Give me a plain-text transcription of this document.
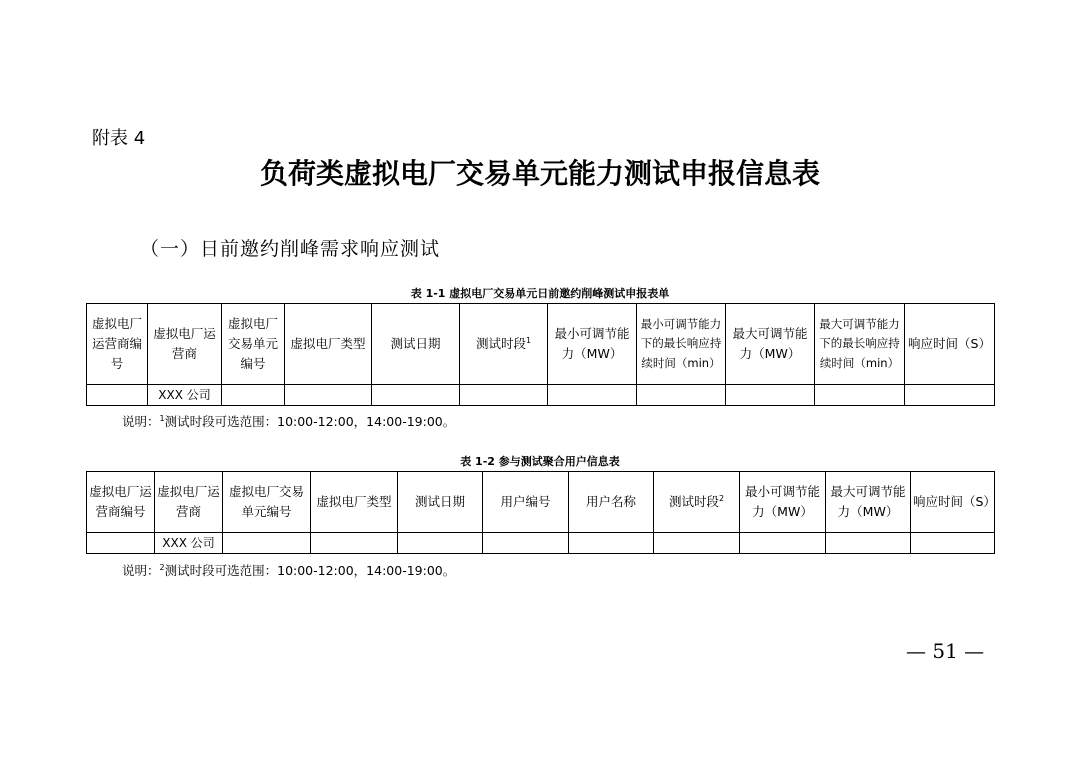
附表 4
负荷类虚拟电厂交易单元能力测试申报信息表
（一）日前邀约削峰需求响应测试
表 1-1 虚拟电厂交易单元日前邀约削峰测试申报表单
虚拟电厂运营商编号	虚拟电厂运营商	虚拟电厂交易单元编号	虚拟电厂类型	测试日期	测试时段$^1$	最小可调节能力（MW）	最小可调节能力下的最长响应持续时间（min）	最大可调节能力（MW）	最大可调节能力下的最长响应持续时间（min）	响应时间（S）
	XXX 公司									
说明：$^1$测试时段可选范围：10:00-12:00，14:00-19:00。
表 1-2 参与测试聚合用户信息表
虚拟电厂运营商编号	虚拟电厂运营商	虚拟电厂交易单元编号	虚拟电厂类型	测试日期	用户编号	用户名称	测试时段$^2$	最小可调节能力（MW）	最大可调节能力（MW）	响应时间（S）
	XXX 公司									
说明：$^2$测试时段可选范围：10:00-12:00，14:00-19:00。
— 51 —
